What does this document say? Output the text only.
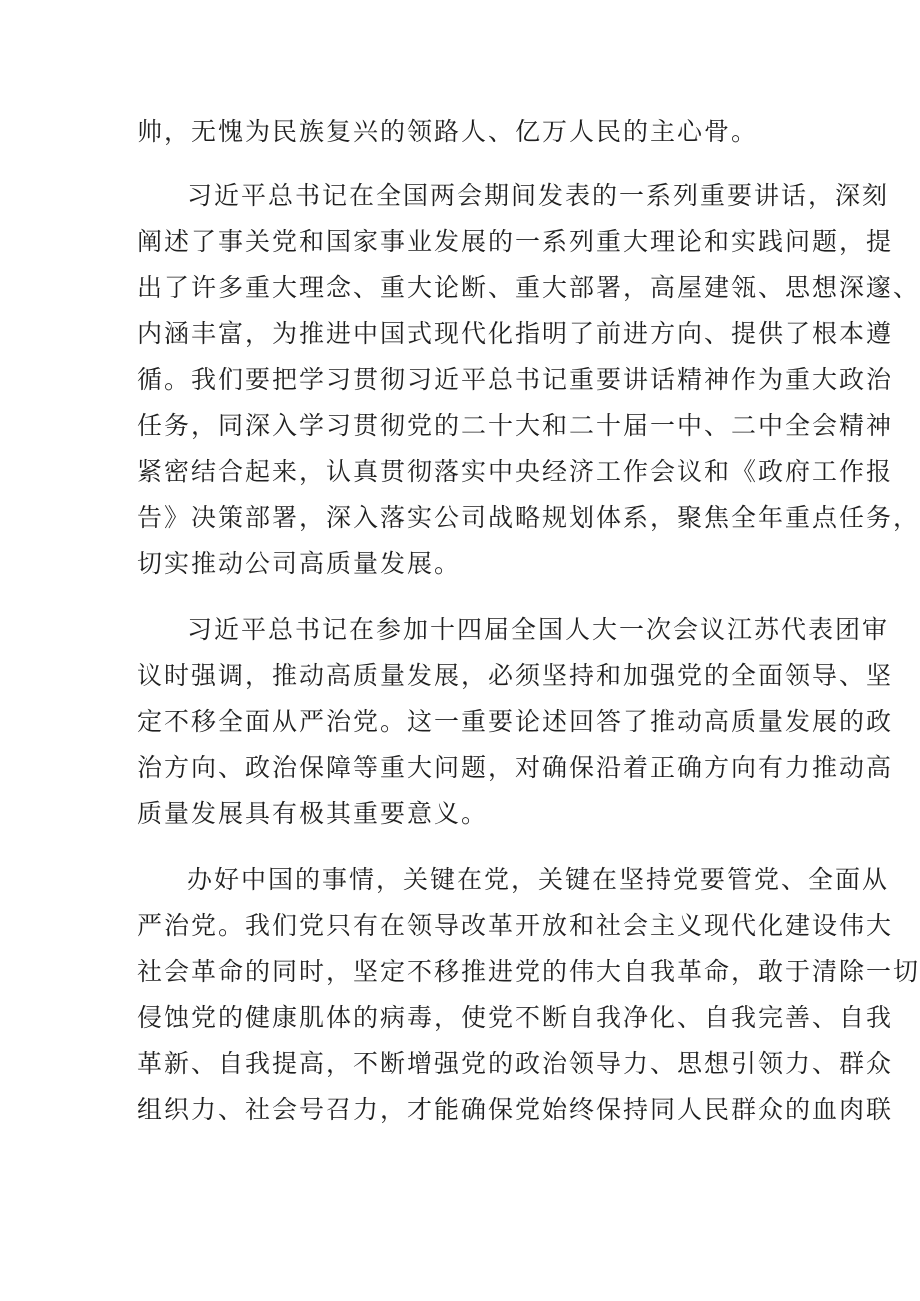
帅，无愧为民族复兴的领路人、亿万人民的主心骨。
习近平总书记在全国两会期间发表的一系列重要讲话，深刻
阐述了事关党和国家事业发展的一系列重大理论和实践问题，提
出了许多重大理念、重大论断、重大部署，高屋建瓴、思想深邃、
内涵丰富，为推进中国式现代化指明了前进方向、提供了根本遵
循。我们要把学习贯彻习近平总书记重要讲话精神作为重大政治
任务，同深入学习贯彻党的二十大和二十届一中、二中全会精神
紧密结合起来，认真贯彻落实中央经济工作会议和《政府工作报
告》决策部署，深入落实公司战略规划体系，聚焦全年重点任务，
切实推动公司高质量发展。
习近平总书记在参加十四届全国人大一次会议江苏代表团审
议时强调，推动高质量发展，必须坚持和加强党的全面领导、坚
定不移全面从严治党。这一重要论述回答了推动高质量发展的政
治方向、政治保障等重大问题，对确保沿着正确方向有力推动高
质量发展具有极其重要意义。
办好中国的事情，关键在党，关键在坚持党要管党、全面从
严治党。我们党只有在领导改革开放和社会主义现代化建设伟大
社会革命的同时，坚定不移推进党的伟大自我革命，敢于清除一切
侵蚀党的健康肌体的病毒，使党不断自我净化、自我完善、自我
革新、自我提高，不断增强党的政治领导力、思想引领力、群众
组织力、社会号召力，才能确保党始终保持同人民群众的血肉联
